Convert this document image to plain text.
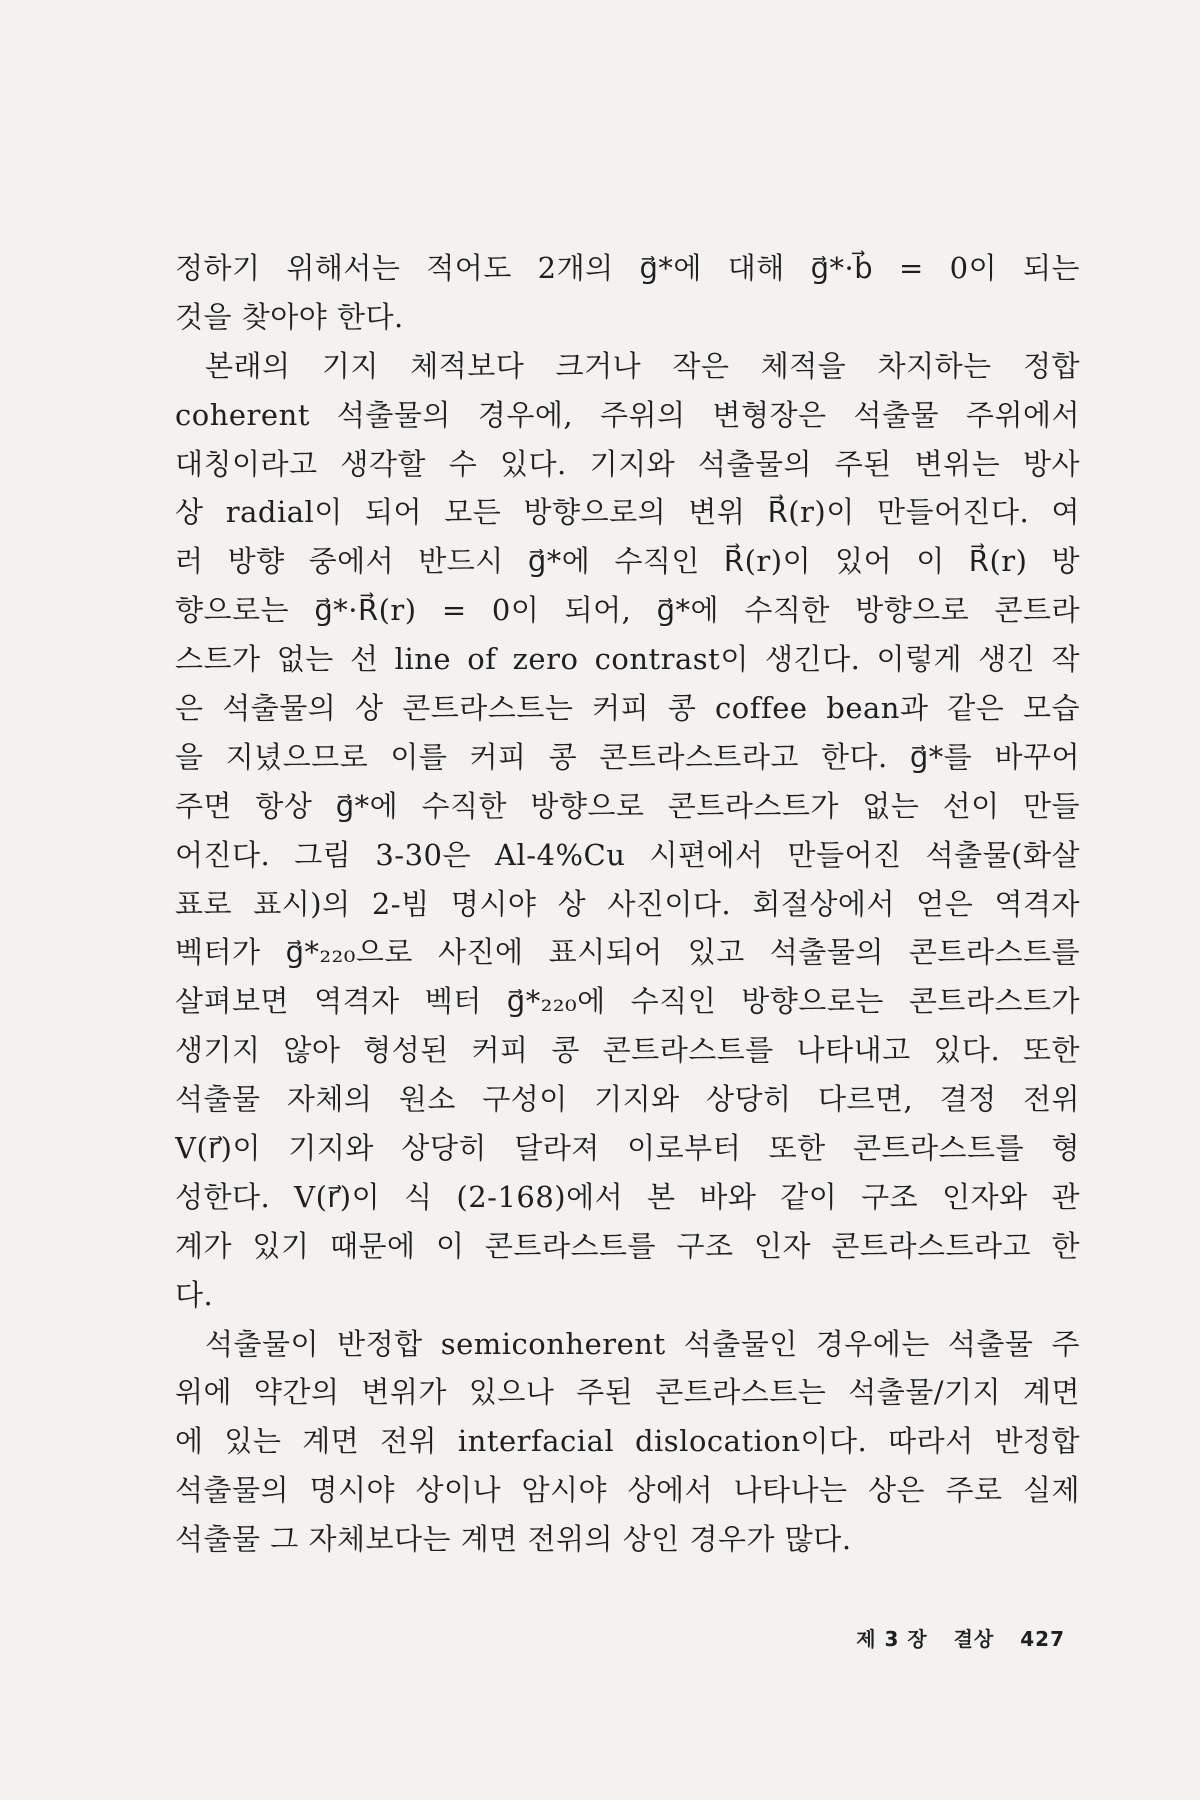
정하기 위해서는 적어도 2개의 g⃗*에 대해 g⃗*·b⃗ = 0이 되는
것을 찾아야 한다.

본래의 기지 체적보다 크거나 작은 체적을 차지하는 정합
coherent 석출물의 경우에, 주위의 변형장은 석출물 주위에서
대칭이라고 생각할 수 있다. 기지와 석출물의 주된 변위는 방사
상 radial이 되어 모든 방향으로의 변위 R⃗(r)이 만들어진다. 여
러 방향 중에서 반드시 g⃗*에 수직인 R⃗(r)이 있어 이 R⃗(r) 방
향으로는 g⃗*·R⃗(r) = 0이 되어, g⃗*에 수직한 방향으로 콘트라
스트가 없는 선 line of zero contrast이 생긴다. 이렇게 생긴 작
은 석출물의 상 콘트라스트는 커피 콩 coffee bean과 같은 모습
을 지녔으므로 이를 커피 콩 콘트라스트라고 한다. g⃗*를 바꾸어
주면 항상 g⃗*에 수직한 방향으로 콘트라스트가 없는 선이 만들
어진다. 그림 3-30은 Al-4%Cu 시편에서 만들어진 석출물(화살
표로 표시)의 2-빔 명시야 상 사진이다. 회절상에서 얻은 역격자
벡터가 g⃗*₂₂₀으로 사진에 표시되어 있고 석출물의 콘트라스트를
살펴보면 역격자 벡터 g⃗*₂₂₀에 수직인 방향으로는 콘트라스트가
생기지 않아 형성된 커피 콩 콘트라스트를 나타내고 있다. 또한
석출물 자체의 원소 구성이 기지와 상당히 다르면, 결정 전위
V(r⃗)이 기지와 상당히 달라져 이로부터 또한 콘트라스트를 형
성한다. V(r⃗)이 식 (2-168)에서 본 바와 같이 구조 인자와 관
계가 있기 때문에 이 콘트라스트를 구조 인자 콘트라스트라고 한
다.

석출물이 반정합 semiconherent 석출물인 경우에는 석출물 주
위에 약간의 변위가 있으나 주된 콘트라스트는 석출물/기지 계면
에 있는 계면 전위 interfacial dislocation이다. 따라서 반정합
석출물의 명시야 상이나 암시야 상에서 나타나는 상은 주로 실제
석출물 그 자체보다는 계면 전위의 상인 경우가 많다.

제 3 장 결상 427
